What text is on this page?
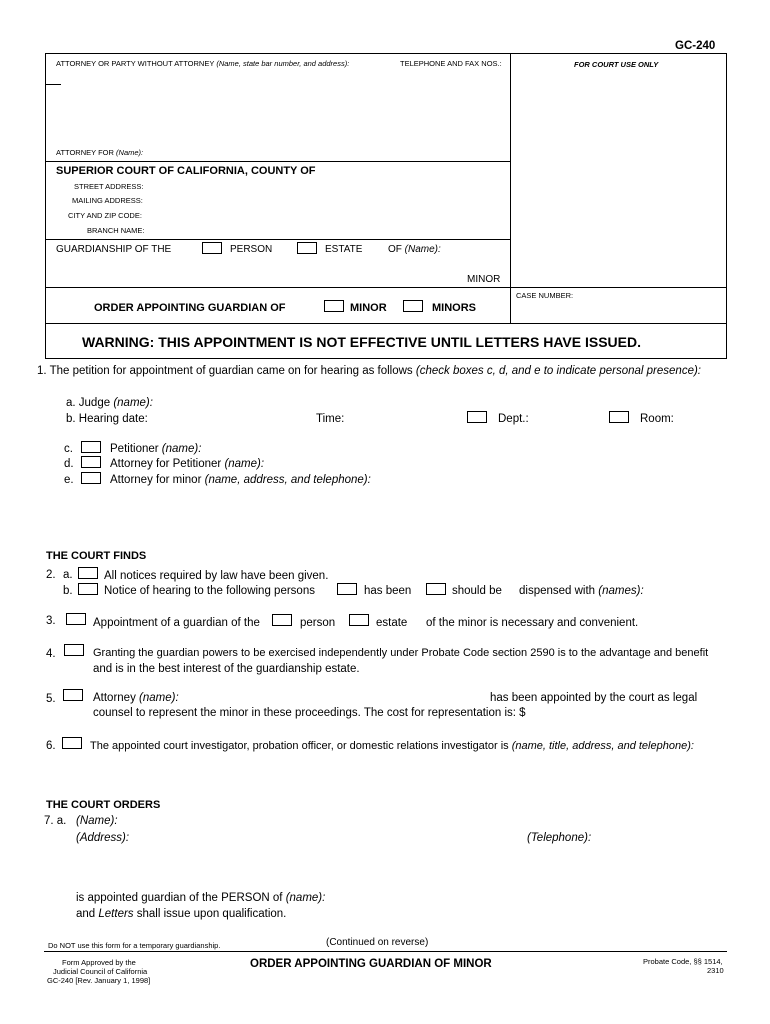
GC-240
ATTORNEY OR PARTY WITHOUT ATTORNEY (Name, state bar number, and address):	TELEPHONE AND FAX NOS.:	FOR COURT USE ONLY
ATTORNEY FOR (Name):
SUPERIOR COURT OF CALIFORNIA, COUNTY OF
STREET ADDRESS:
MAILING ADDRESS:
CITY AND ZIP CODE:
BRANCH NAME:
GUARDIANSHIP OF THE	PERSON	ESTATE	OF (Name):
MINOR
ORDER APPOINTING GUARDIAN OF	MINOR	MINORS
CASE NUMBER:
WARNING: THIS APPOINTMENT IS NOT EFFECTIVE UNTIL LETTERS HAVE ISSUED.
1. The petition for appointment of guardian came on for hearing as follows (check boxes c, d, and e to indicate personal presence):
a. Judge (name):
b. Hearing date:	Time:	Dept.:	Room:
c.	Petitioner (name):
d.	Attorney for Petitioner (name):
e.	Attorney for minor (name, address, and telephone):
THE COURT FINDS
2. a.	All notices required by law have been given.
b.	Notice of hearing to the following persons	has been	should be dispensed with (names):
3.	Appointment of a guardian of the	person	estate of the minor is necessary and convenient.
4.	Granting the guardian powers to be exercised independently under Probate Code section 2590 is to the advantage and benefit
and is in the best interest of the guardianship estate.
5.	Attorney (name):	has been appointed by the court as legal
counsel to represent the minor in these proceedings. The cost for representation is: $
6.	The appointed court investigator, probation officer, or domestic relations investigator is (name, title, address, and telephone):
THE COURT ORDERS
7. a. (Name):
(Address):	(Telephone):
is appointed guardian of the PERSON of (name):
and Letters shall issue upon qualification.
Do NOT use this form for a temporary guardianship.	(Continued on reverse)
Form Approved by the
Judicial Council of California
GC-240 [Rev. January 1, 1998]
ORDER APPOINTING GUARDIAN OF MINOR	Probate Code, §§ 1514,
2310
